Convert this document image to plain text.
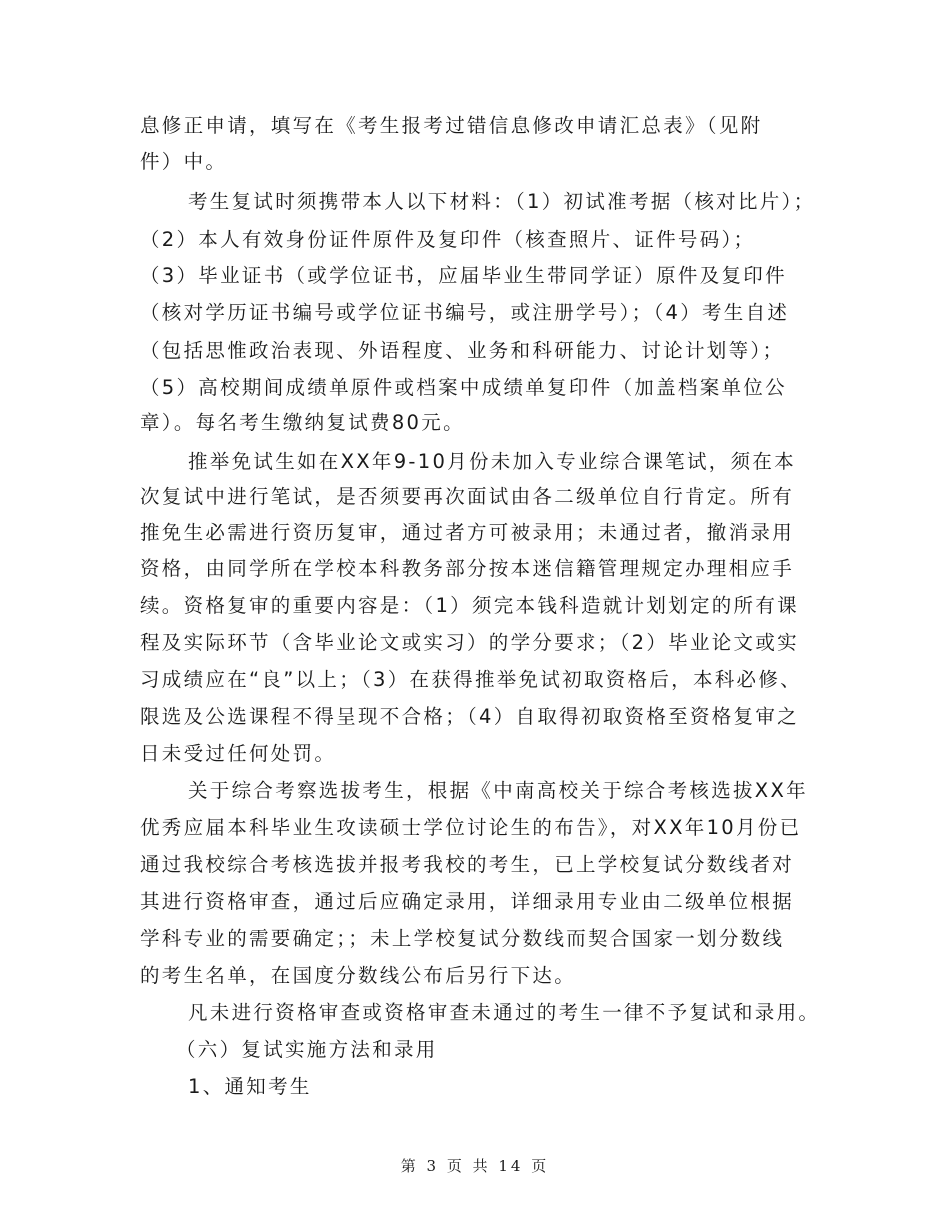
息修正申请，填写在《考生报考过错信息修改申请汇总表》（见附
件）中。
考生复试时须携带本人以下材料：（1）初试准考据（核对比片）；
（2）本人有效身份证件原件及复印件（核查照片、证件号码）；
（3）毕业证书（或学位证书，应届毕业生带同学证）原件及复印件
（核对学历证书编号或学位证书编号，或注册学号）；（4）考生自述
（包括思惟政治表现、外语程度、业务和科研能力、讨论计划等）；
（5）高校期间成绩单原件或档案中成绩单复印件（加盖档案单位公
章）。每名考生缴纳复试费80元。
推举免试生如在XX年9-10月份未加入专业综合课笔试，须在本
次复试中进行笔试，是否须要再次面试由各二级单位自行肯定。所有
推免生必需进行资历复审，通过者方可被录用；未通过者，撤消录用
资格，由同学所在学校本科教务部分按本迷信籍管理规定办理相应手
续。资格复审的重要内容是：（1）须完本钱科造就计划划定的所有课
程及实际环节（含毕业论文或实习）的学分要求；（2）毕业论文或实
习成绩应在“良”以上；（3）在获得推举免试初取资格后，本科必修、
限选及公选课程不得呈现不合格；（4）自取得初取资格至资格复审之
日未受过任何处罚。
关于综合考察选拔考生，根据《中南高校关于综合考核选拔XX年
优秀应届本科毕业生攻读硕士学位讨论生的布告》，对XX年10月份已
通过我校综合考核选拔并报考我校的考生，已上学校复试分数线者对
其进行资格审查，通过后应确定录用，详细录用专业由二级单位根据
学科专业的需要确定；；未上学校复试分数线而契合国家一划分数线
的考生名单，在国度分数线公布后另行下达。
凡未进行资格审查或资格审查未通过的考生一律不予复试和录用。
（六）复试实施方法和录用
1、通知考生
第 3 页 共 14 页
